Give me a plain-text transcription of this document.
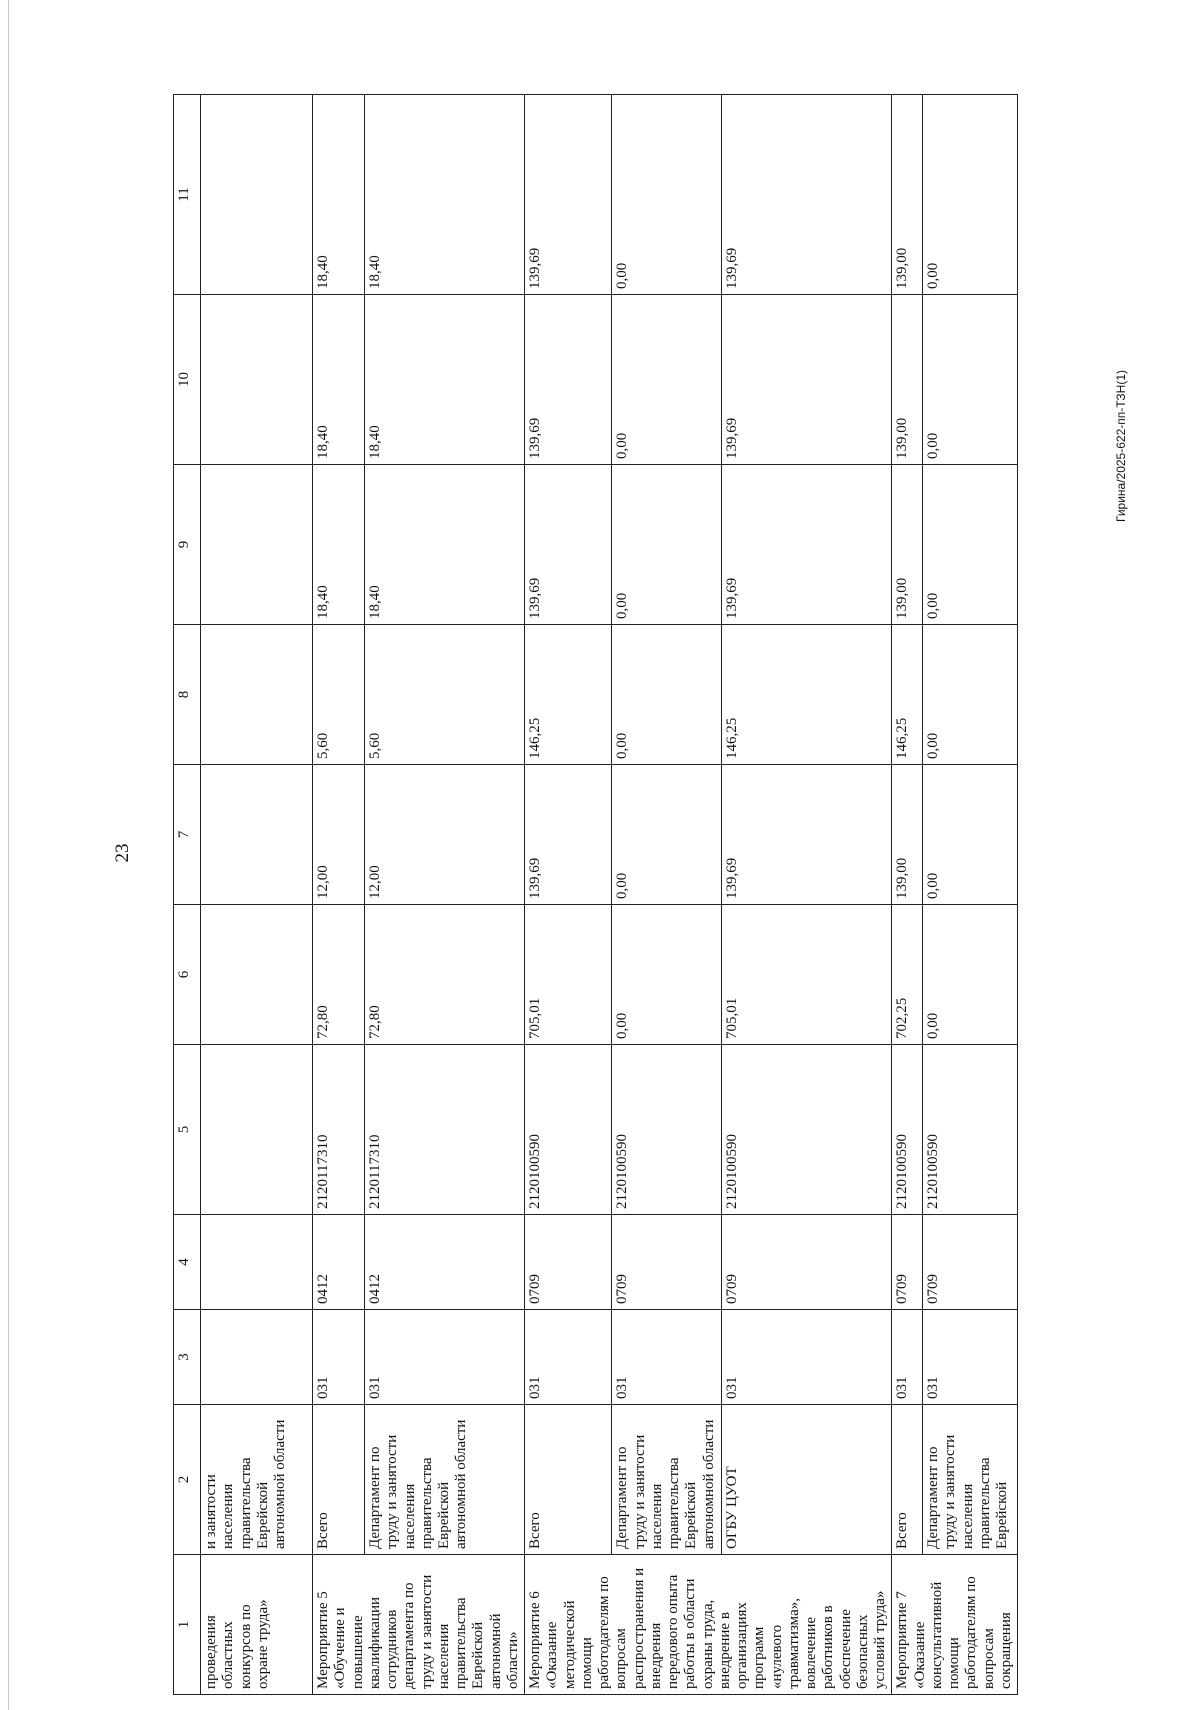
23
Гирина/2025-622-пп-ТЗН(1)
1	2	3	4	5	6	7	8	9	10	11
проведения областных конкурсов по охране труда»	и занятости населения правительства Еврейской автономной области									

Мероприятие 5 «Обучение и повышение квалификации сотрудников департамента по труду и занятости населения правительства Еврейской автономной области»	Всего	031	0412	2120117310	72,80	12,00	5,60	18,40	18,40	18,40
	Департамент по труду и занятости населения правительства Еврейской автономной области	031	0412	2120117310	72,80	12,00	5,60	18,40	18,40	18,40

Мероприятие 6 «Оказание методической помощи работодателям по вопросам распространения и внедрения передового опыта работы в области охраны труда, внедрение в организациях программ «нулевого травматизма», вовлечение работников в обеспечение безопасных условий труда»	Всего	031	0709	2120100590	705,01	139,69	146,25	139,69	139,69	139,69
	Департамент по труду и занятости населения правительства Еврейской автономной области	031	0709	2120100590	0,00	0,00	0,00	0,00	0,00	0,00
	ОГБУ ЦУОТ	031	0709	2120100590	705,01	139,69	146,25	139,69	139,69	139,69

Мероприятие 7 «Оказание консультативной помощи работодателям по вопросам сокращения	Всего	031	0709	2120100590	702,25	139,00	146,25	139,00	139,00	139,00
	Департамент по труду и занятости населения правительства Еврейской	031	0709	2120100590	0,00	0,00	0,00	0,00	0,00	0,00
